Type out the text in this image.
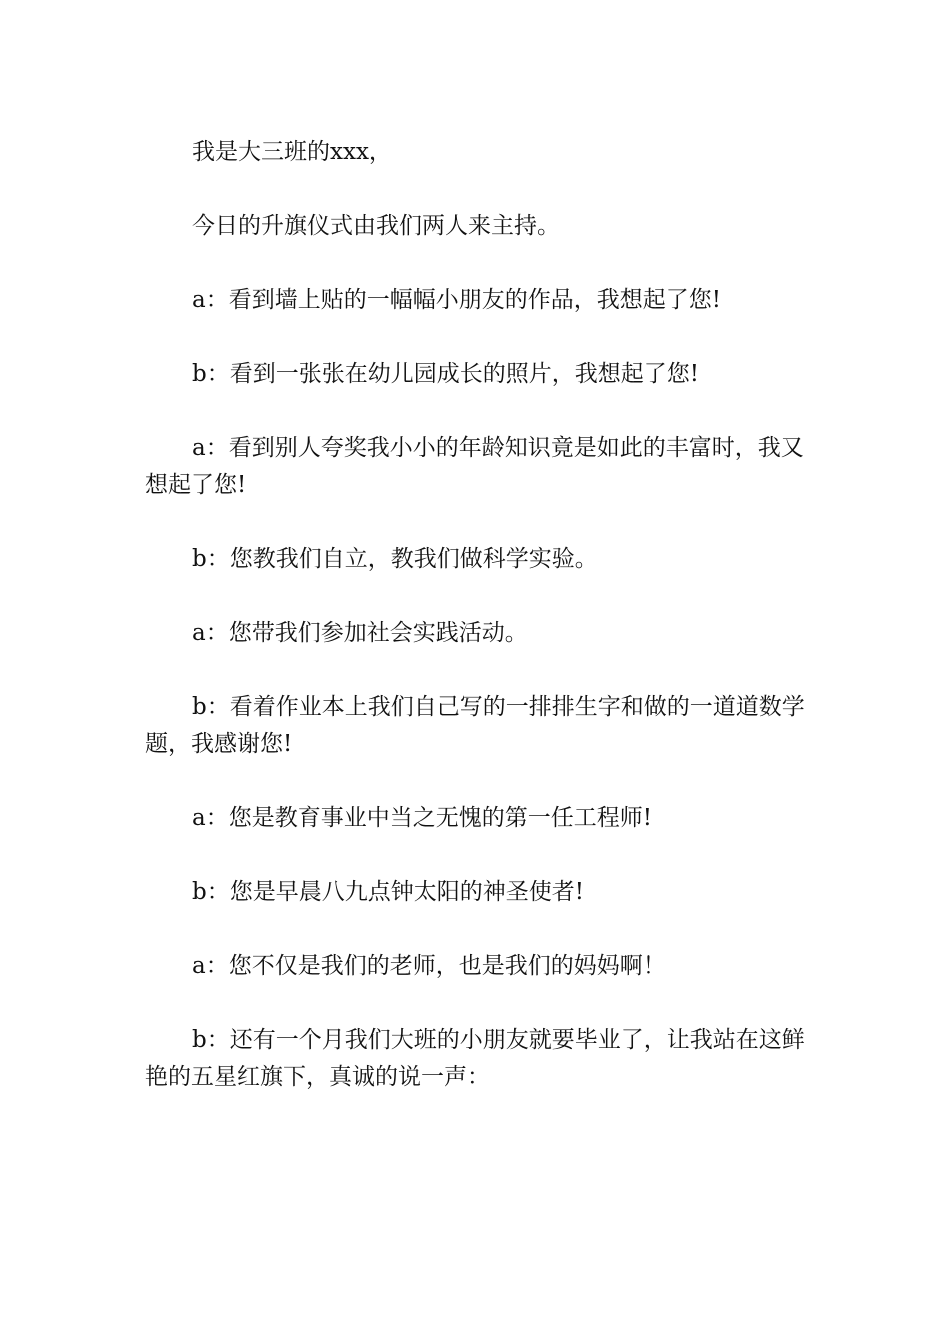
我是大三班的xxx，

今日的升旗仪式由我们两人来主持。

a：看到墙上贴的一幅幅小朋友的作品，我想起了您!

b：看到一张张在幼儿园成长的照片，我想起了您!

a：看到别人夸奖我小小的年龄知识竟是如此的丰富时，我又想起了您!

b：您教我们自立，教我们做科学实验。

a：您带我们参加社会实践活动。

b：看着作业本上我们自己写的一排排生字和做的一道道数学题，我感谢您!

a：您是教育事业中当之无愧的第一任工程师!

b：您是早晨八九点钟太阳的神圣使者!

a：您不仅是我们的老师，也是我们的妈妈啊！

b：还有一个月我们大班的小朋友就要毕业了，让我站在这鲜艳的五星红旗下，真诚的说一声：
